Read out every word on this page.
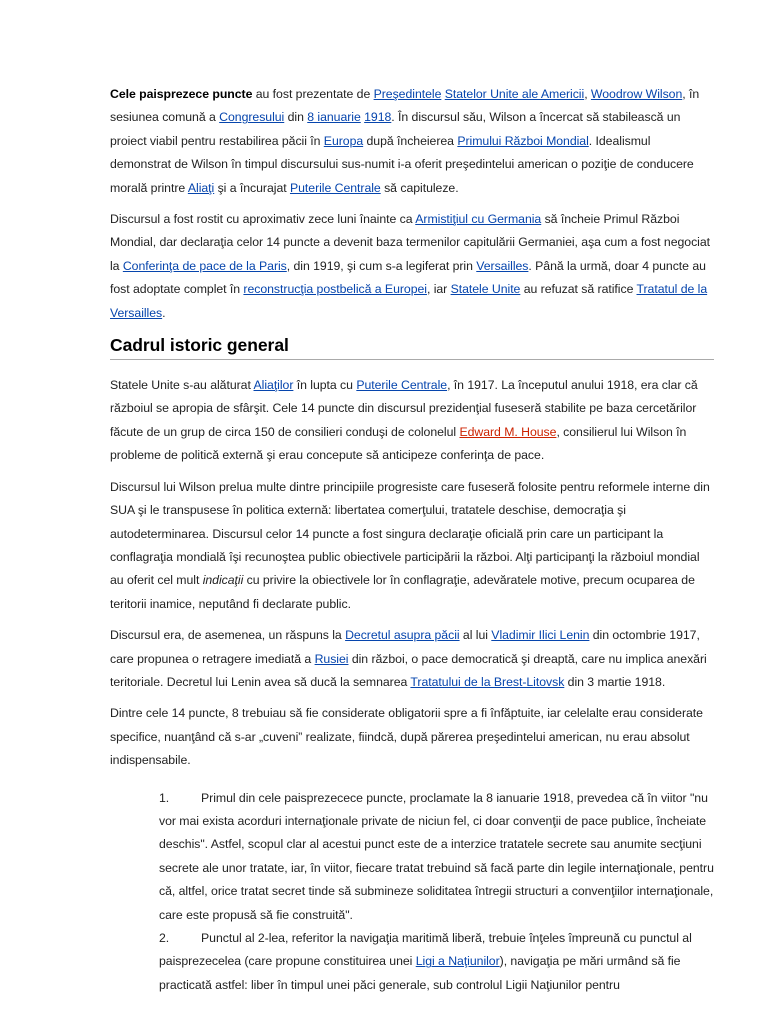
Cele paisprezece puncte au fost prezentate de Preşedintele Statelor Unite ale Americii, Woodrow Wilson, în sesiunea comună a Congresului din 8 ianuarie 1918. În discursul său, Wilson a încercat să stabilească un proiect viabil pentru restabilirea păcii în Europa după încheierea Primului Război Mondial. Idealismul demonstrat de Wilson în timpul discursului sus-numit i-a oferit preşedintelui american o poziţie de conducere morală printre Aliaţi şi a încurajat Puterile Centrale să capituleze.

Discursul a fost rostit cu aproximativ zece luni înainte ca Armistiţiul cu Germania să încheie Primul Război Mondial, dar declaraţia celor 14 puncte a devenit baza termenilor capitulării Germaniei, aşa cum a fost negociat la Conferinţa de pace de la Paris, din 1919, şi cum s-a legiferat prin Versailles. Până la urmă, doar 4 puncte au fost adoptate complet în reconstrucţia postbelică a Europei, iar Statele Unite au refuzat să ratifice Tratatul de la Versailles.

Cadrul istoric general

Statele Unite s-au alăturat Aliaţilor în lupta cu Puterile Centrale, în 1917. La începutul anului 1918, era clar că războiul se apropia de sfârşit. Cele 14 puncte din discursul prezidenţial fuseseră stabilite pe baza cercetărilor făcute de un grup de circa 150 de consilieri conduşi de colonelul Edward M. House, consilierul lui Wilson în probleme de politică externă şi erau concepute să anticipeze conferinţa de pace.

Discursul lui Wilson prelua multe dintre principiile progresiste care fuseseră folosite pentru reformele interne din SUA şi le transpusese în politica externă: libertatea comerţului, tratatele deschise, democraţia şi autodeterminarea. Discursul celor 14 puncte a fost singura declaraţie oficială prin care un participant la conflagraţia mondială îşi recunoştea public obiectivele participării la război. Alţi participanţi la războiul mondial au oferit cel mult indicaţii cu privire la obiectivele lor în conflagraţie, adevăratele motive, precum ocuparea de teritorii inamice, neputând fi declarate public.

Discursul era, de asemenea, un răspuns la Decretul asupra păcii al lui Vladimir Ilici Lenin din octombrie 1917, care propunea o retragere imediată a Rusiei din război, o pace democratică şi dreaptă, care nu implica anexări teritoriale. Decretul lui Lenin avea să ducă la semnarea Tratatului de la Brest-Litovsk din 3 martie 1918.

Dintre cele 14 puncte, 8 trebuiau să fie considerate obligatorii spre a fi înfăptuite, iar celelalte erau considerate specifice, nuanţând că s-ar „cuveni” realizate, fiindcă, după părerea preşedintelui american, nu erau absolut indispensabile.

1.	Primul din cele paisprezecece puncte, proclamate la 8 ianuarie 1918, prevedea că în viitor "nu vor mai exista acorduri internaţionale private de niciun fel, ci doar convenţii de pace publice, încheiate deschis". Astfel, scopul clar al acestui punct este de a interzice tratatele secrete sau anumite secţiuni secrete ale unor tratate, iar, în viitor, fiecare tratat trebuind să facă parte din legile internaţionale, pentru că, altfel, orice tratat secret tinde să submineze soliditatea întregii structuri a convenţiilor internaţionale, care este propusă să fie construită".

2.	Punctul al 2-lea, referitor la navigaţia maritimă liberă, trebuie înţeles împreună cu punctul al paisprezecelea (care propune constituirea unei Ligi a Naţiunilor), navigaţia pe mări urmând să fie practicată astfel: liber în timpul unei păci generale, sub controlul Ligii Naţiunilor pentru
